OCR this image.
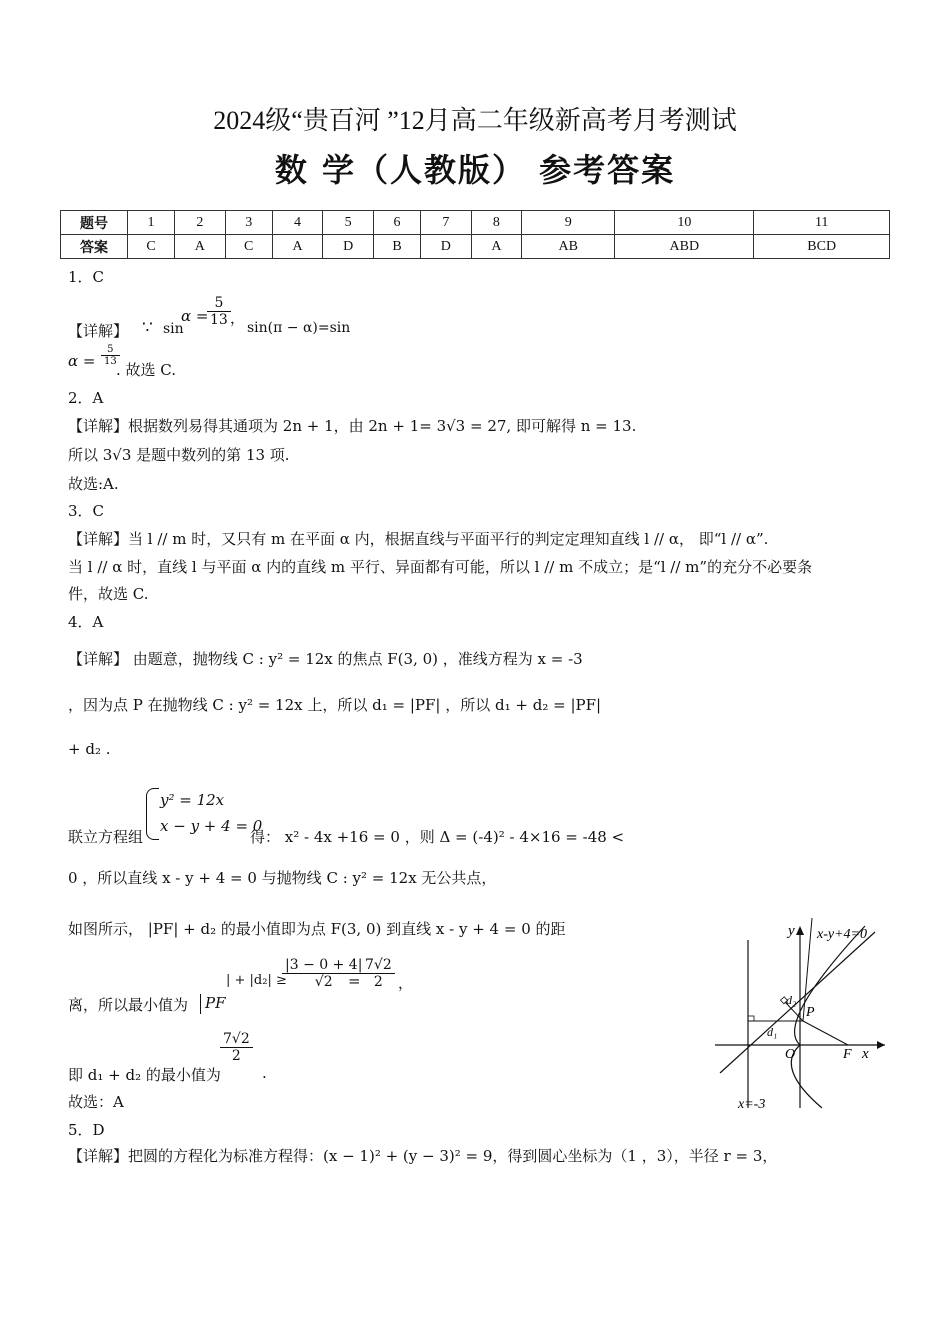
2024级“贵百河 ”12月高二年级新高考月考测试
数 学（人教版） 参考答案
题号	1	2	3	4	5	6	7	8	9	10	11
答案	C	A	C	A	D	B	D	A	AB	ABD	BCD
1．C
【详解】 ∵ sin
α =
$\frac{5}{13}$ ，
sin(π − α)=sin
$\alpha = \frac{5}{13}$
. 故选 C.
2．A
【详解】根据数列易得其通项为 2n + 1，由 2n + 1= 3√3 = 27, 即可解得 n = 13.
所以 3√3 是题中数列的第 13 项.
故选:A.
3．C
【详解】当 l // m 时，又只有 m 在平面 α 内，根据直线与平面平行的判定定理知直线 l // α， 即“l // α”.
当 l // α 时，直线 l 与平面 α 内的直线 m 平行、异面都有可能，所以 l // m 不成立；是“l // m”的充分不必要条
件，故选 C.
4．A
【详解】 由题意，抛物线 C : y² = 12x 的焦点 F(3, 0) ，准线方程为 x = -3
，因为点 P 在抛物线 C : y² = 12x 上，所以 d₁ = |PF| ，所以 d₁ + d₂ = |PF|
+ d₂ .
联立方程组
y² = 12x
x − y + 4 = 0
得： x² - 4x +16 = 0 ，则 Δ = (-4)² - 4×16 = -48 <
0 ，所以直线 x - y + 4 = 0 与抛物线 C : y² = 12x 无公共点，
如图所示， |PF| + d₂ 的最小值即为点 F(3, 0) 到直线 x - y + 4 = 0 的距
离，所以最小值为	PF
| + |d₂| ≥
$\frac{|3 - 0 + 4|}{√2}$
= $\frac{7√2}{2}$ ，
即 d₁ + d₂ 的最小值为
$\frac{7√2}{2}$
.
故选：A
y x-y+4=0
d₂
P
d₁
O	F x
x=-3
5．D
【详解】把圆的方程化为标准方程得：(x − 1)² + (y − 3)² = 9，得到圆心坐标为（1 ，3），半径 r = 3，
